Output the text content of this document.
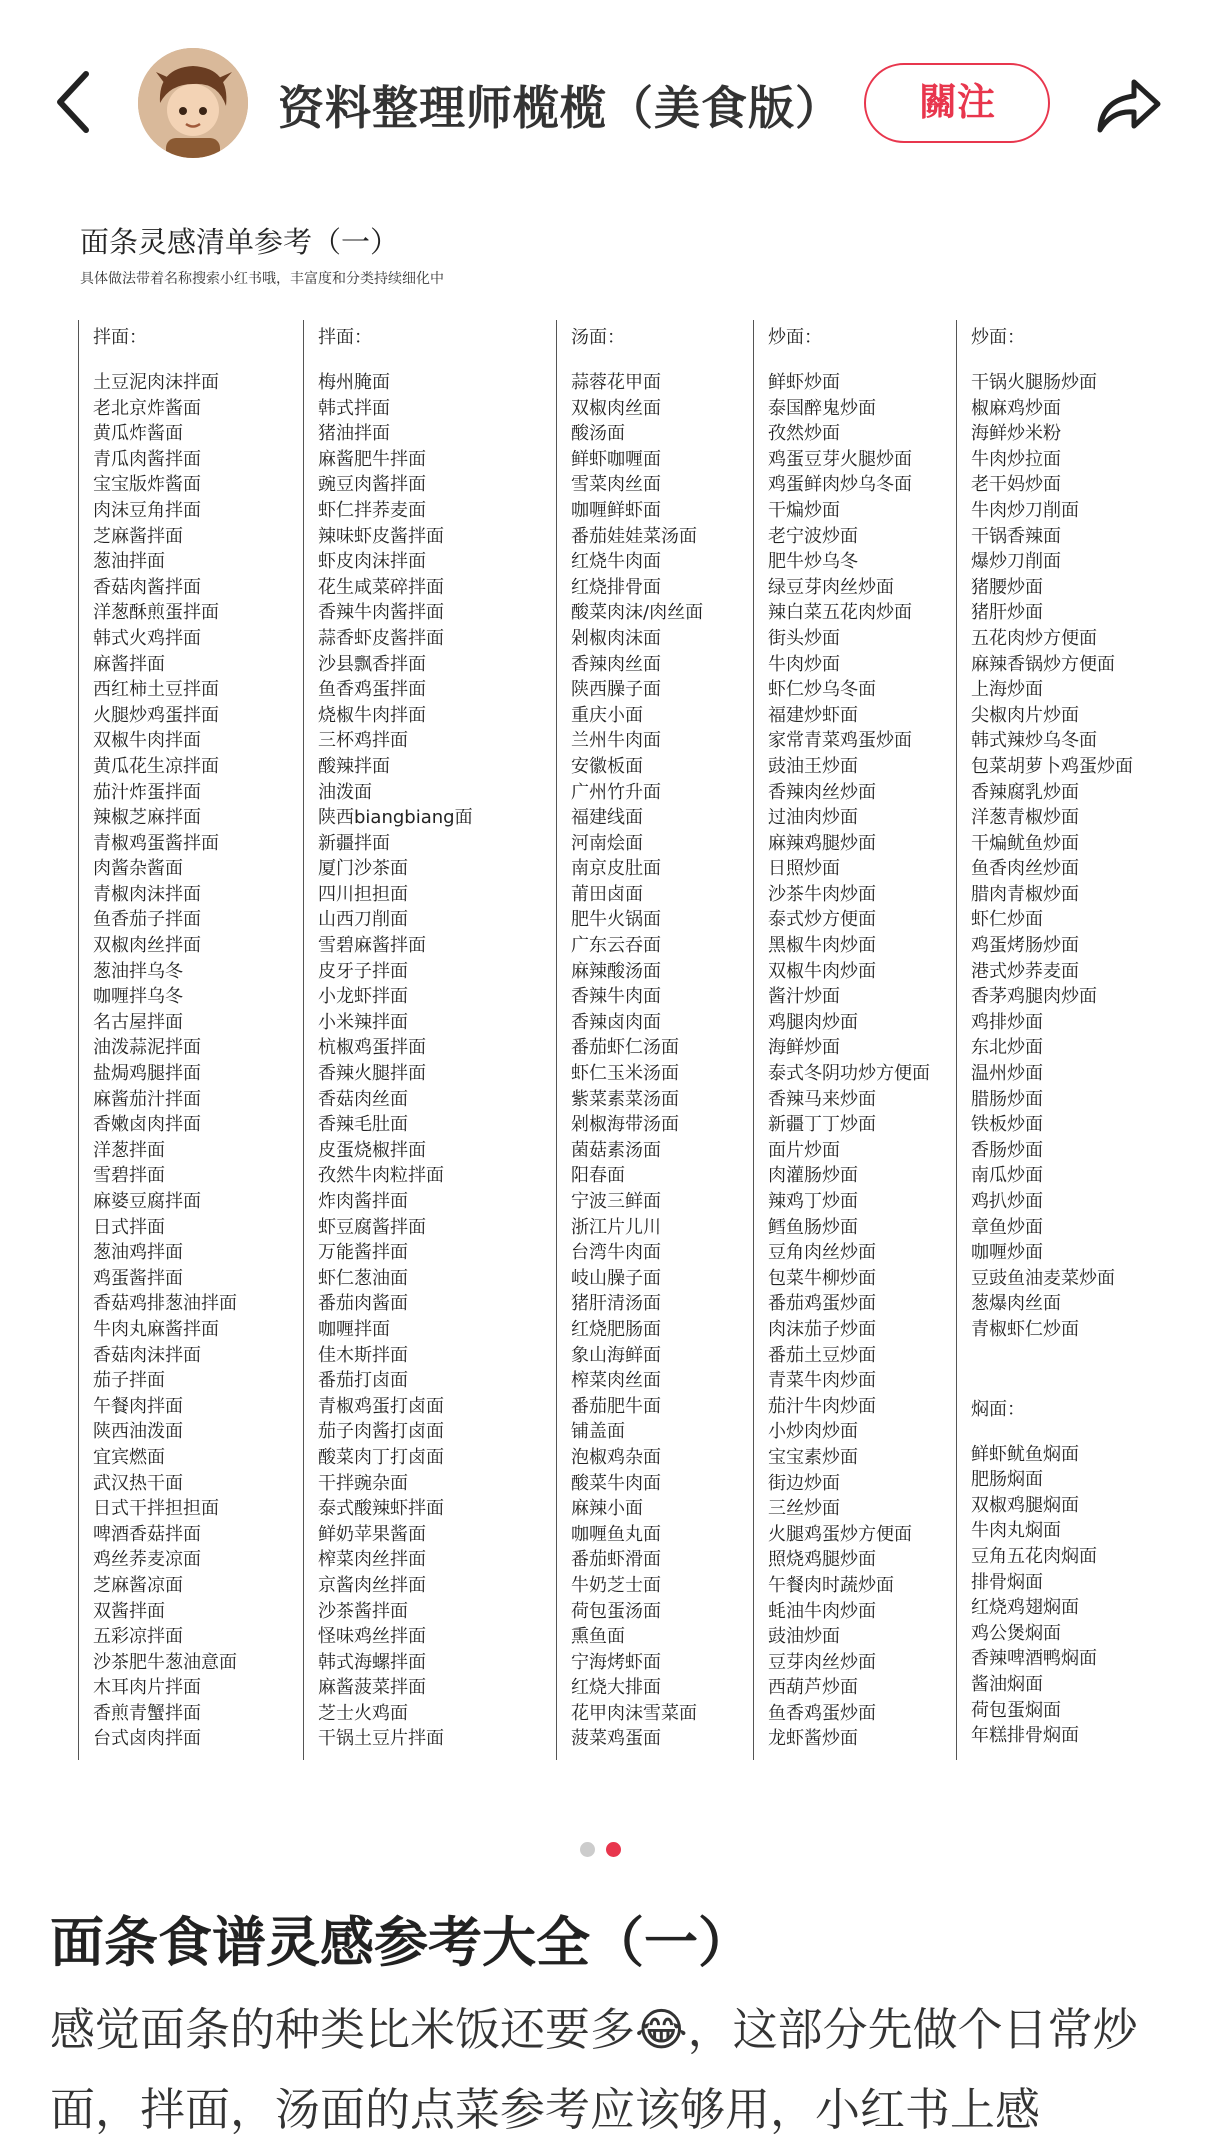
资料整理师榄榄（美食版）	關注
面条灵感清单参考（一）
具体做法带着名称搜索小红书哦，丰富度和分类持续细化中
拌面：
土豆泥肉沫拌面
老北京炸酱面
黄瓜炸酱面
青瓜肉酱拌面
宝宝版炸酱面
肉沫豆角拌面
芝麻酱拌面
葱油拌面
香菇肉酱拌面
洋葱酥煎蛋拌面
韩式火鸡拌面
麻酱拌面
西红柿土豆拌面
火腿炒鸡蛋拌面
双椒牛肉拌面
黄瓜花生凉拌面
茄汁炸蛋拌面
辣椒芝麻拌面
青椒鸡蛋酱拌面
肉酱杂酱面
青椒肉沫拌面
鱼香茄子拌面
双椒肉丝拌面
葱油拌乌冬
咖喱拌乌冬
名古屋拌面
油泼蒜泥拌面
盐焗鸡腿拌面
麻酱茄汁拌面
香嫩卤肉拌面
洋葱拌面
雪碧拌面
麻婆豆腐拌面
日式拌面
葱油鸡拌面
鸡蛋酱拌面
香菇鸡排葱油拌面
牛肉丸麻酱拌面
香菇肉沫拌面
茄子拌面
午餐肉拌面
陕西油泼面
宜宾燃面
武汉热干面
日式干拌担担面
啤酒香菇拌面
鸡丝荞麦凉面
芝麻酱凉面
双酱拌面
五彩凉拌面
沙茶肥牛葱油意面
木耳肉片拌面
香煎青蟹拌面
台式卤肉拌面
拌面：
梅州腌面
韩式拌面
猪油拌面
麻酱肥牛拌面
豌豆肉酱拌面
虾仁拌荞麦面
辣味虾皮酱拌面
虾皮肉沫拌面
花生咸菜碎拌面
香辣牛肉酱拌面
蒜香虾皮酱拌面
沙县飘香拌面
鱼香鸡蛋拌面
烧椒牛肉拌面
三杯鸡拌面
酸辣拌面
油泼面
陕西biangbiang面
新疆拌面
厦门沙茶面
四川担担面
山西刀削面
雪碧麻酱拌面
皮牙子拌面
小龙虾拌面
小米辣拌面
杭椒鸡蛋拌面
香辣火腿拌面
香菇肉丝面
香辣毛肚面
皮蛋烧椒拌面
孜然牛肉粒拌面
炸肉酱拌面
虾豆腐酱拌面
万能酱拌面
虾仁葱油面
番茄肉酱面
咖喱拌面
佳木斯拌面
番茄打卤面
青椒鸡蛋打卤面
茄子肉酱打卤面
酸菜肉丁打卤面
干拌豌杂面
泰式酸辣虾拌面
鲜奶苹果酱面
榨菜肉丝拌面
京酱肉丝拌面
沙茶酱拌面
怪味鸡丝拌面
韩式海螺拌面
麻酱菠菜拌面
芝士火鸡面
干锅土豆片拌面
汤面：
蒜蓉花甲面
双椒肉丝面
酸汤面
鲜虾咖喱面
雪菜肉丝面
咖喱鲜虾面
番茄娃娃菜汤面
红烧牛肉面
红烧排骨面
酸菜肉沫/肉丝面
剁椒肉沫面
香辣肉丝面
陕西臊子面
重庆小面
兰州牛肉面
安徽板面
广州竹升面
福建线面
河南烩面
南京皮肚面
莆田卤面
肥牛火锅面
广东云吞面
麻辣酸汤面
香辣牛肉面
香辣卤肉面
番茄虾仁汤面
虾仁玉米汤面
紫菜素菜汤面
剁椒海带汤面
菌菇素汤面
阳春面
宁波三鲜面
浙江片儿川
台湾牛肉面
岐山臊子面
猪肝清汤面
红烧肥肠面
象山海鲜面
榨菜肉丝面
番茄肥牛面
铺盖面
泡椒鸡杂面
酸菜牛肉面
麻辣小面
咖喱鱼丸面
番茄虾滑面
牛奶芝士面
荷包蛋汤面
熏鱼面
宁海烤虾面
红烧大排面
花甲肉沫雪菜面
菠菜鸡蛋面
炒面：
鲜虾炒面
泰国醉鬼炒面
孜然炒面
鸡蛋豆芽火腿炒面
鸡蛋鲜肉炒乌冬面
干煸炒面
老宁波炒面
肥牛炒乌冬
绿豆芽肉丝炒面
辣白菜五花肉炒面
街头炒面
牛肉炒面
虾仁炒乌冬面
福建炒虾面
家常青菜鸡蛋炒面
豉油王炒面
香辣肉丝炒面
过油肉炒面
麻辣鸡腿炒面
日照炒面
沙茶牛肉炒面
泰式炒方便面
黑椒牛肉炒面
双椒牛肉炒面
酱汁炒面
鸡腿肉炒面
海鲜炒面
泰式冬阴功炒方便面
香辣马来炒面
新疆丁丁炒面
面片炒面
肉灌肠炒面
辣鸡丁炒面
鳕鱼肠炒面
豆角肉丝炒面
包菜牛柳炒面
番茄鸡蛋炒面
肉沫茄子炒面
番茄土豆炒面
青菜牛肉炒面
茄汁牛肉炒面
小炒肉炒面
宝宝素炒面
街边炒面
三丝炒面
火腿鸡蛋炒方便面
照烧鸡腿炒面
午餐肉时蔬炒面
蚝油牛肉炒面
豉油炒面
豆芽肉丝炒面
西葫芦炒面
鱼香鸡蛋炒面
龙虾酱炒面
炒面：
干锅火腿肠炒面
椒麻鸡炒面
海鲜炒米粉
牛肉炒拉面
老干妈炒面
牛肉炒刀削面
干锅香辣面
爆炒刀削面
猪腰炒面
猪肝炒面
五花肉炒方便面
麻辣香锅炒方便面
上海炒面
尖椒肉片炒面
韩式辣炒乌冬面
包菜胡萝卜鸡蛋炒面
香辣腐乳炒面
洋葱青椒炒面
干煸鱿鱼炒面
鱼香肉丝炒面
腊肉青椒炒面
虾仁炒面
鸡蛋烤肠炒面
港式炒荞麦面
香茅鸡腿肉炒面
鸡排炒面
东北炒面
温州炒面
腊肠炒面
铁板炒面
香肠炒面
南瓜炒面
鸡扒炒面
章鱼炒面
咖喱炒面
豆豉鱼油麦菜炒面
葱爆肉丝面
青椒虾仁炒面
焖面：
鲜虾鱿鱼焖面
肥肠焖面
双椒鸡腿焖面
牛肉丸焖面
豆角五花肉焖面
排骨焖面
红烧鸡翅焖面
鸡公煲焖面
香辣啤酒鸭焖面
酱油焖面
荷包蛋焖面
年糕排骨焖面
面条食谱灵感参考大全（一）
感觉面条的种类比米饭还要多😂，这部分先做个日常炒面，拌面，汤面的点菜参考应该够用，小红书上感
